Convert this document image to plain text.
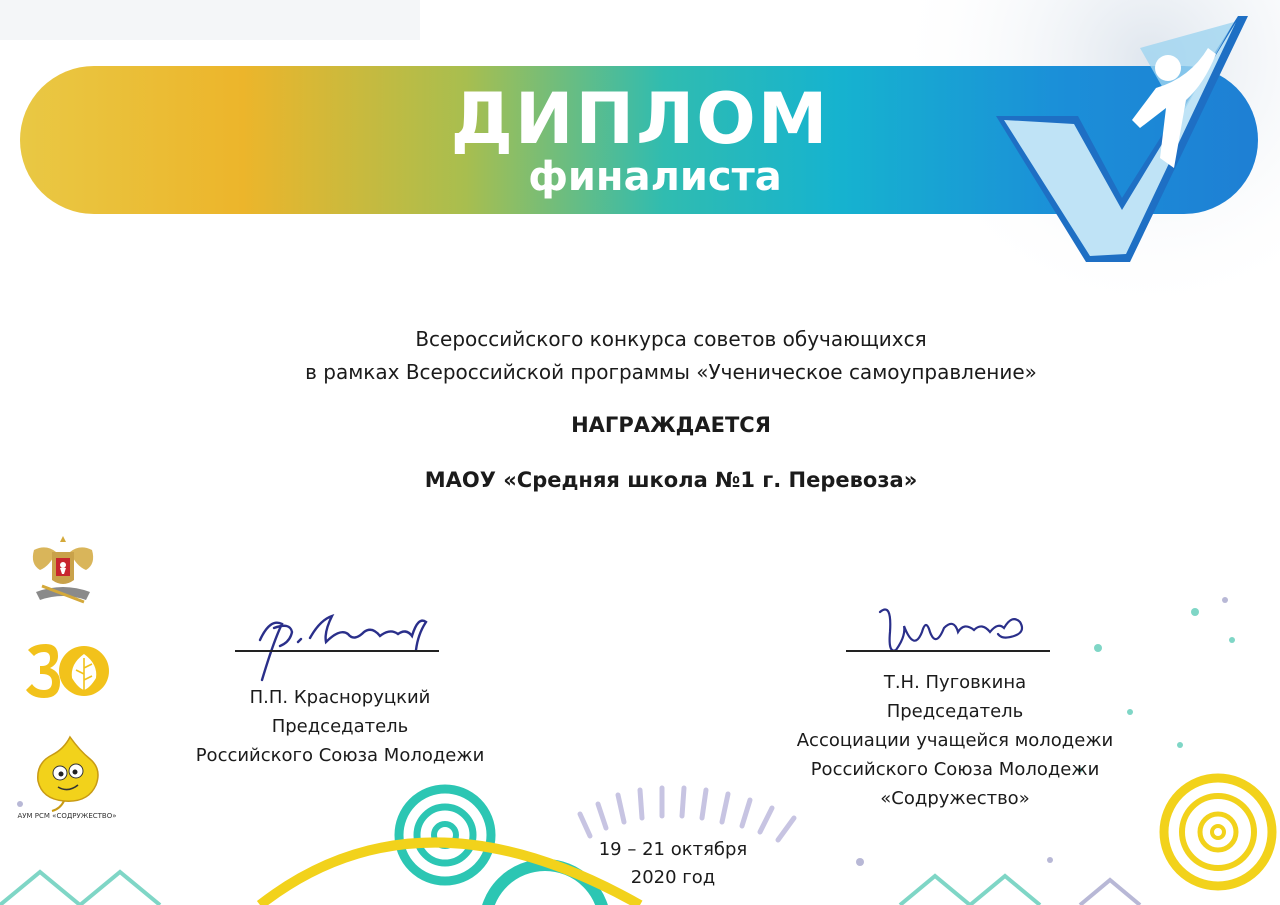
ДИПЛОМ
финалиста
Всероссийского конкурса советов обучающихся
в рамках Всероссийской программы «Ученическое самоуправление»
НАГРАЖДАЕТСЯ
МАОУ «Средняя школа №1 г. Перевоза»
П.П. Красноруцкий
Председатель
Российского Союза Молодежи
Т.Н. Пуговкина
Председатель
Ассоциации учащейся молодежи
Российского Союза Молодежи
«Содружество»
19 – 21 октября
2020 год
АУМ РСМ «СОДРУЖЕСТВО»
